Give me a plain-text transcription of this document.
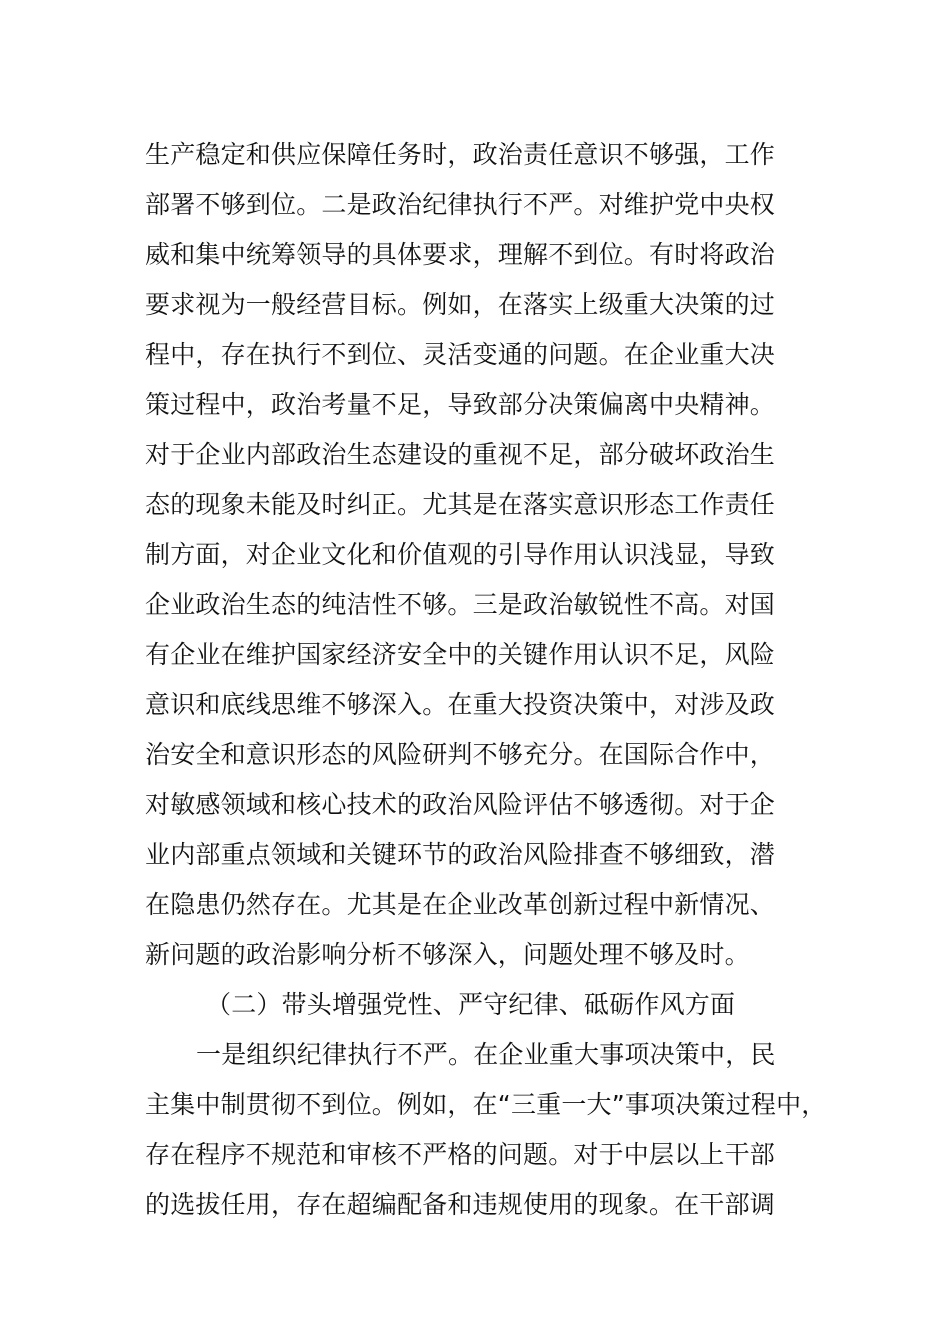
生产稳定和供应保障任务时，政治责任意识不够强，工作
部署不够到位。二是政治纪律执行不严。对维护党中央权
威和集中统筹领导的具体要求，理解不到位。有时将政治
要求视为一般经营目标。例如，在落实上级重大决策的过
程中，存在执行不到位、灵活变通的问题。在企业重大决
策过程中，政治考量不足，导致部分决策偏离中央精神。
对于企业内部政治生态建设的重视不足，部分破坏政治生
态的现象未能及时纠正。尤其是在落实意识形态工作责任
制方面，对企业文化和价值观的引导作用认识浅显，导致
企业政治生态的纯洁性不够。三是政治敏锐性不高。对国
有企业在维护国家经济安全中的关键作用认识不足，风险
意识和底线思维不够深入。在重大投资决策中，对涉及政
治安全和意识形态的风险研判不够充分。在国际合作中，
对敏感领域和核心技术的政治风险评估不够透彻。对于企
业内部重点领域和关键环节的政治风险排查不够细致，潜
在隐患仍然存在。尤其是在企业改革创新过程中新情况、
新问题的政治影响分析不够深入，问题处理不够及时。
（二）带头增强党性、严守纪律、砥砺作风方面
一是组织纪律执行不严。在企业重大事项决策中，民
主集中制贯彻不到位。例如，在“三重一大”事项决策过程中，
存在程序不规范和审核不严格的问题。对于中层以上干部
的选拔任用，存在超编配备和违规使用的现象。在干部调
